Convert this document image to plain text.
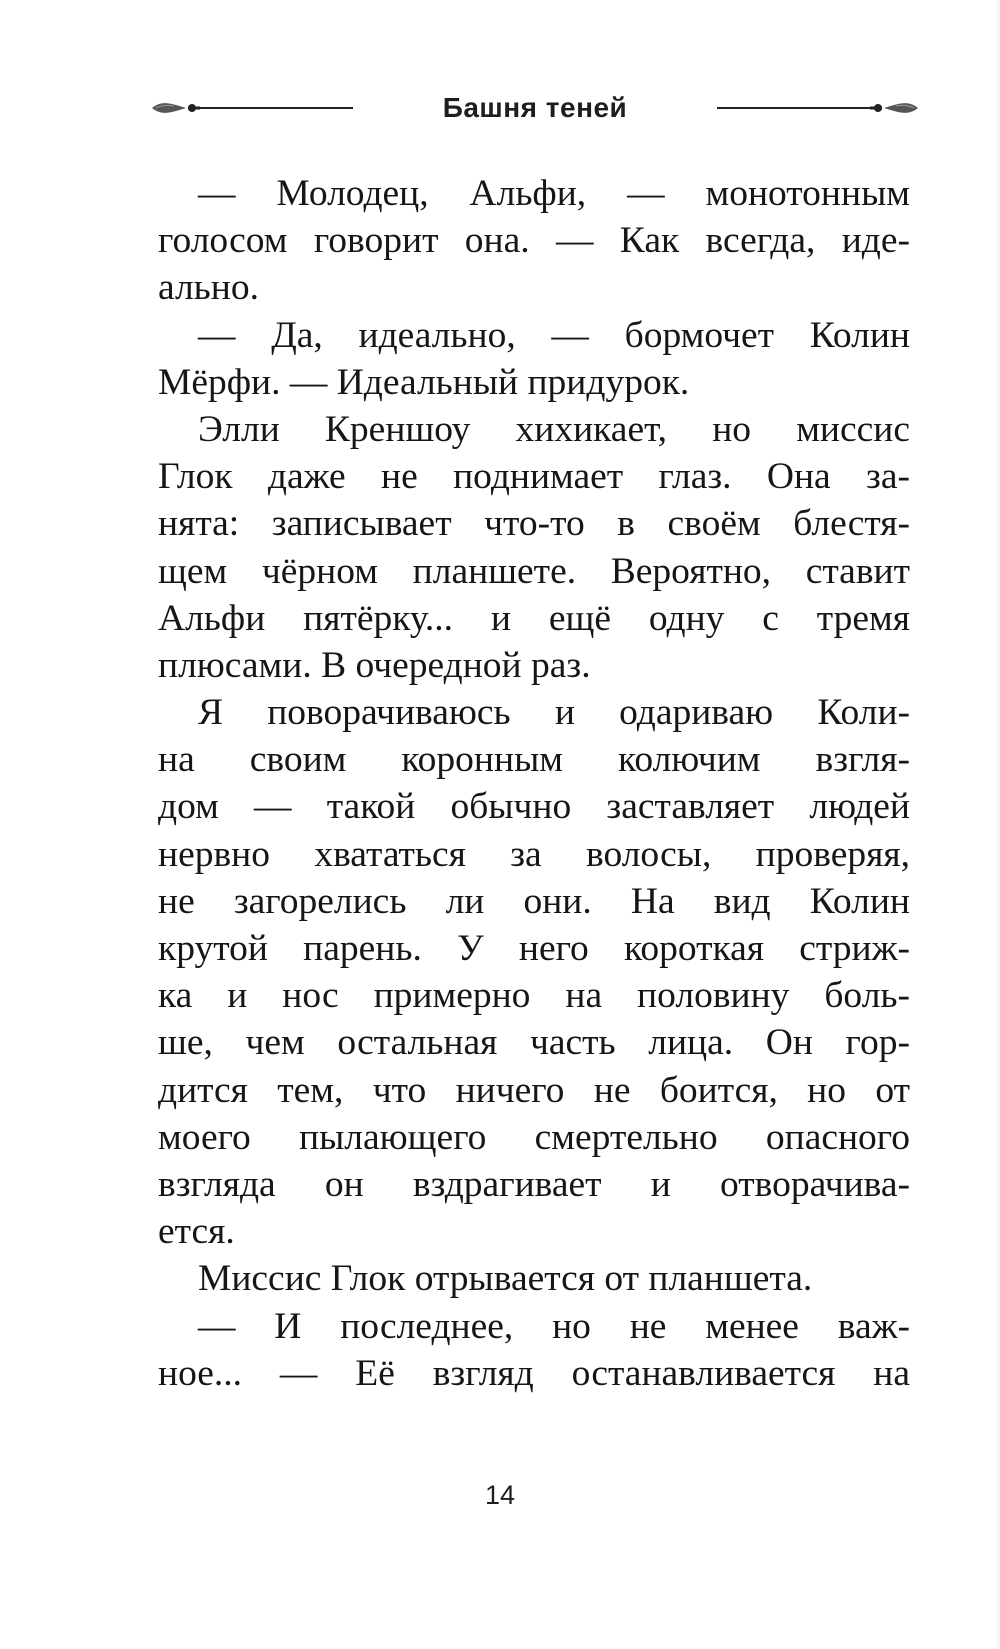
Башня теней
— Молодец, Альфи, — монотонным
голосом говорит она. — Как всегда, иде-
ально.
— Да, идеально, — бормочет Колин
Мёрфи. — Идеальный придурок.
Элли Креншоу хихикает, но миссис
Глок даже не поднимает глаз. Она за-
нята: записывает что-то в своём блестя-
щем чёрном планшете. Вероятно, ставит
Альфи пятёрку... и ещё одну с тремя
плюсами. В очередной раз.
Я поворачиваюсь и одариваю Коли-
на своим коронным колючим взгля-
дом — такой обычно заставляет людей
нервно хвататься за волосы, проверяя,
не загорелись ли они. На вид Колин
крутой парень. У него короткая стриж-
ка и нос примерно на половину боль-
ше, чем остальная часть лица. Он гор-
дится тем, что ничего не боится, но от
моего пылающего смертельно опасного
взгляда он вздрагивает и отворачива-
ется.
Миссис Глок отрывается от планшета.
— И последнее, но не менее важ-
ное... — Её взгляд останавливается на
14
